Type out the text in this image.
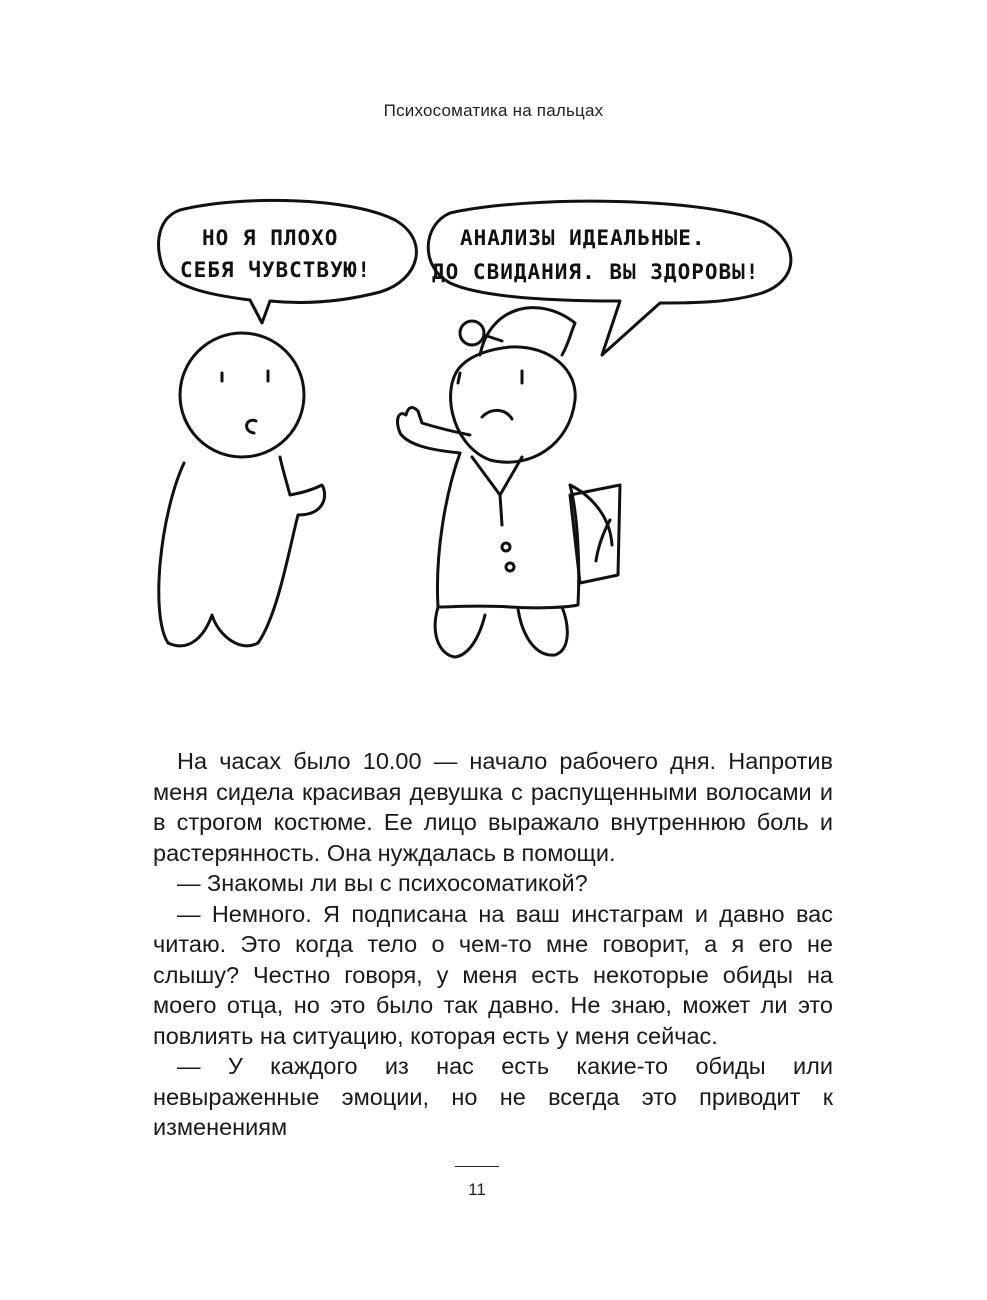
Психосоматика на пальцах
НО Я ПЛОХО
СЕБЯ ЧУВСТВУЮ!
АНАЛИЗЫ ИДЕАЛЬНЫЕ.
ДО СВИДАНИЯ. ВЫ ЗДОРОВЫ!

На часах было 10.00 — начало рабочего дня. Напротив меня сидела красивая девушка с распущенными волосами и в строгом костюме. Ее лицо выражало внутреннюю боль и растерянность. Она нуждалась в помощи.

— Знакомы ли вы с психосоматикой?

— Немного. Я подписана на ваш инстаграм и давно вас читаю. Это когда тело о чем-то мне говорит, а я его не слышу? Честно говоря, у меня есть некоторые обиды на моего отца, но это было так давно. Не знаю, может ли это повлиять на ситуацию, которая есть у меня сейчас.

— У каждого из нас есть какие-то обиды или невыраженные эмоции, но не всегда это приводит к изменениям

11
